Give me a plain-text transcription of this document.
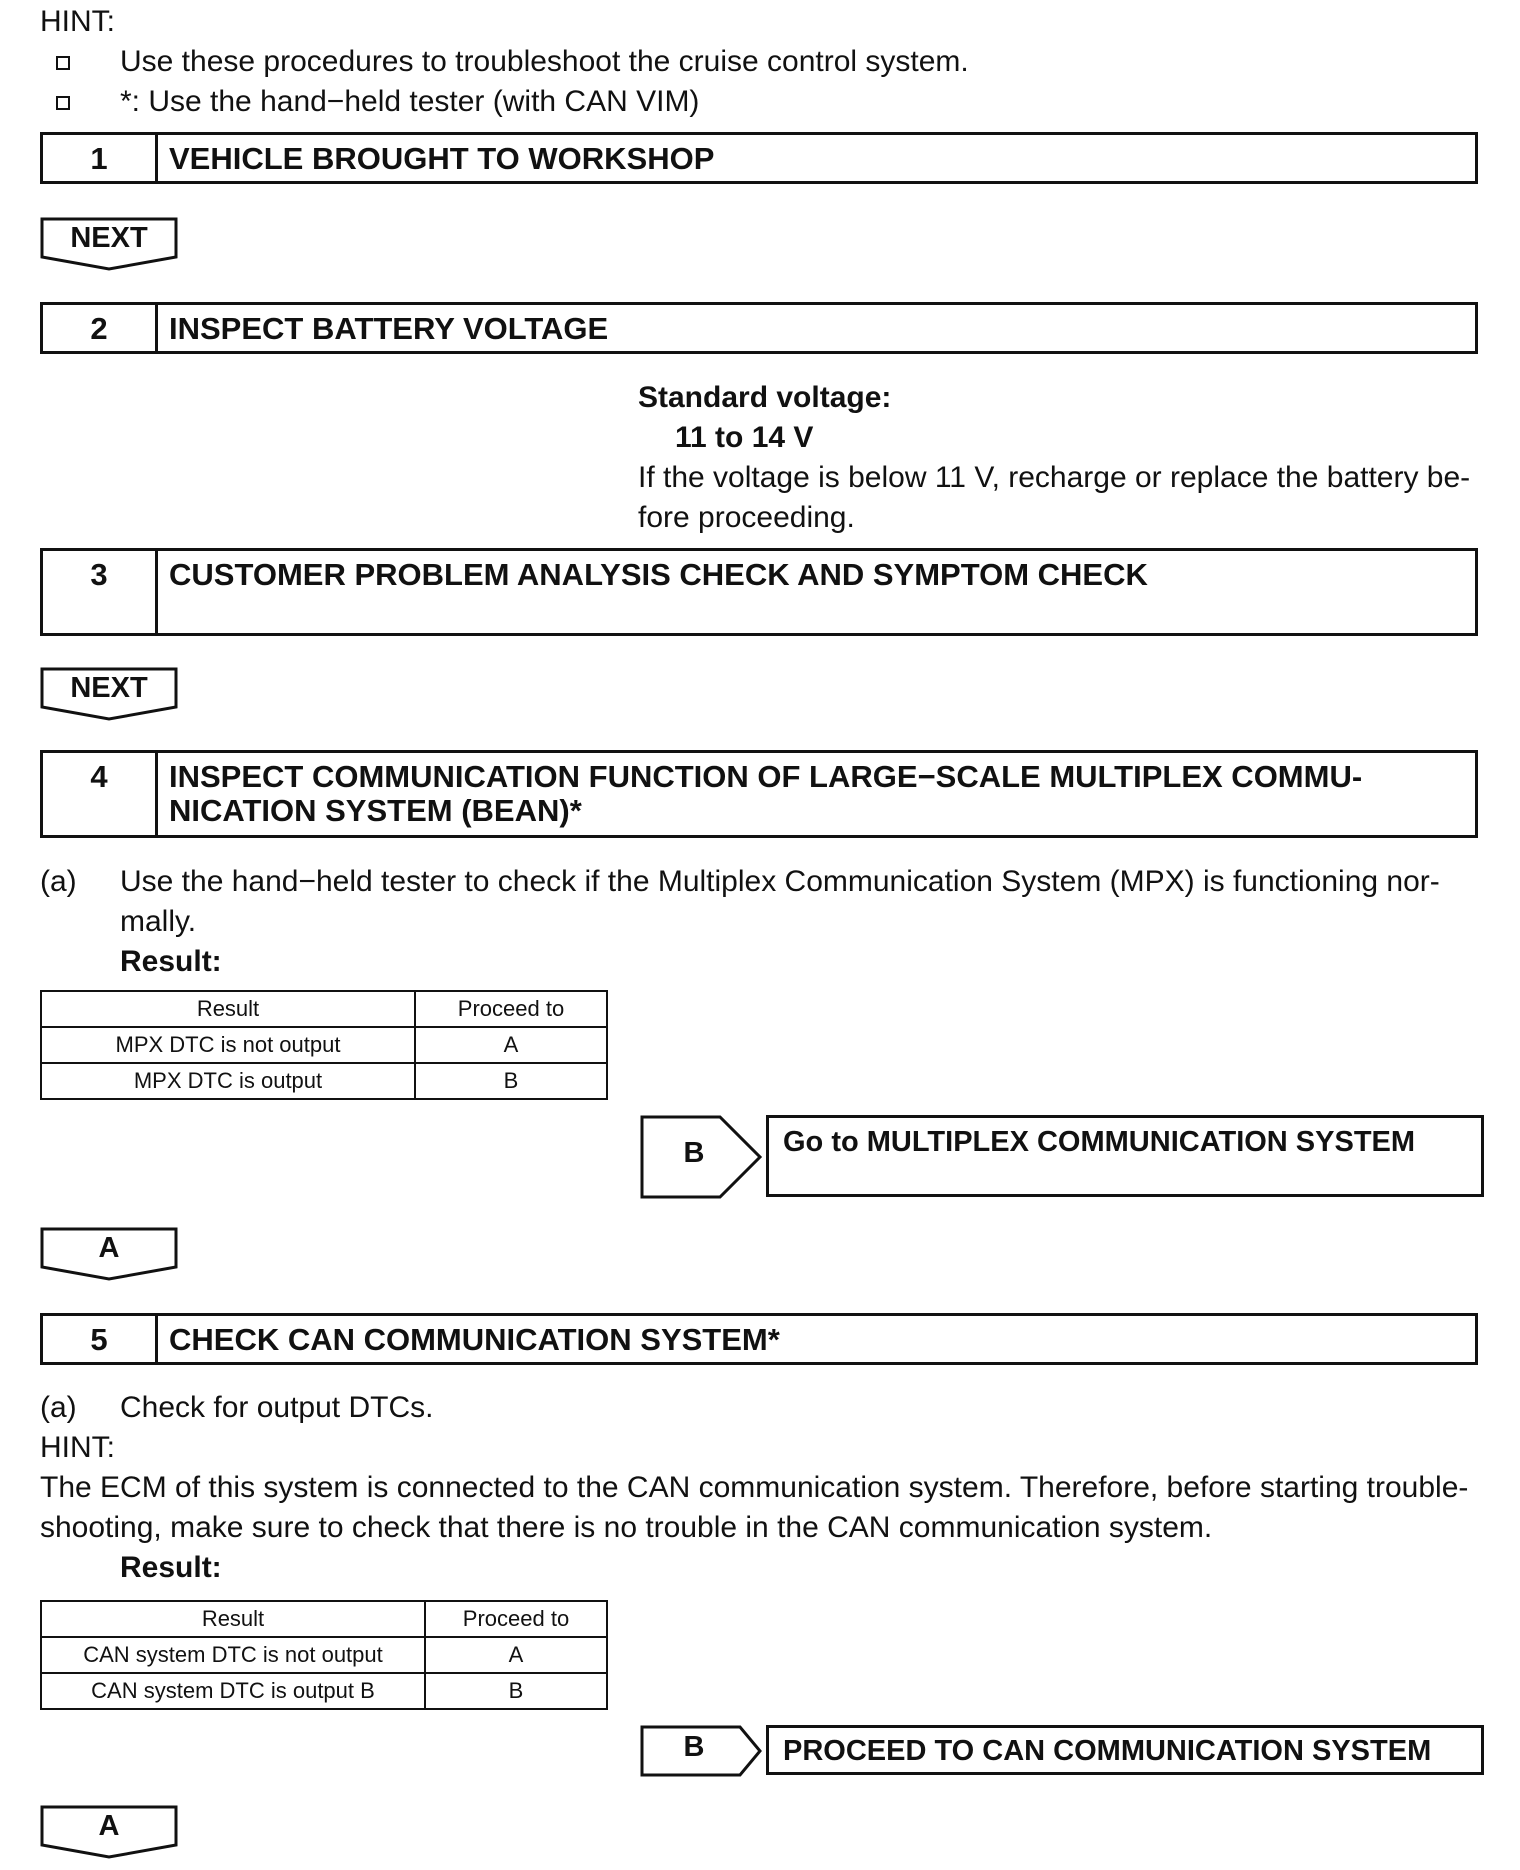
HINT:
Use these procedures to troubleshoot the cruise control system.
*: Use the hand−held tester (with CAN VIM)
1	VEHICLE BROUGHT TO WORKSHOP
NEXT
2	INSPECT BATTERY VOLTAGE
Standard voltage:
11 to 14 V
If the voltage is below 11 V, recharge or replace the battery be-
fore proceeding.
3	CUSTOMER PROBLEM ANALYSIS CHECK AND SYMPTOM CHECK
NEXT
4	INSPECT COMMUNICATION FUNCTION OF LARGE−SCALE MULTIPLEX COMMU-
NICATION SYSTEM (BEAN)*
(a) Use the hand−held tester to check if the Multiplex Communication System (MPX) is functioning nor-
mally.
Result:
Result	Proceed to
MPX DTC is not output	A
MPX DTC is output	B
B	Go to MULTIPLEX COMMUNICATION SYSTEM
A
5	CHECK CAN COMMUNICATION SYSTEM*
(a) Check for output DTCs.
HINT:
The ECM of this system is connected to the CAN communication system. Therefore, before starting trouble-
shooting, make sure to check that there is no trouble in the CAN communication system.
Result:
Result	Proceed to
CAN system DTC is not output	A
CAN system DTC is output B	B
B	PROCEED TO CAN COMMUNICATION SYSTEM
A
